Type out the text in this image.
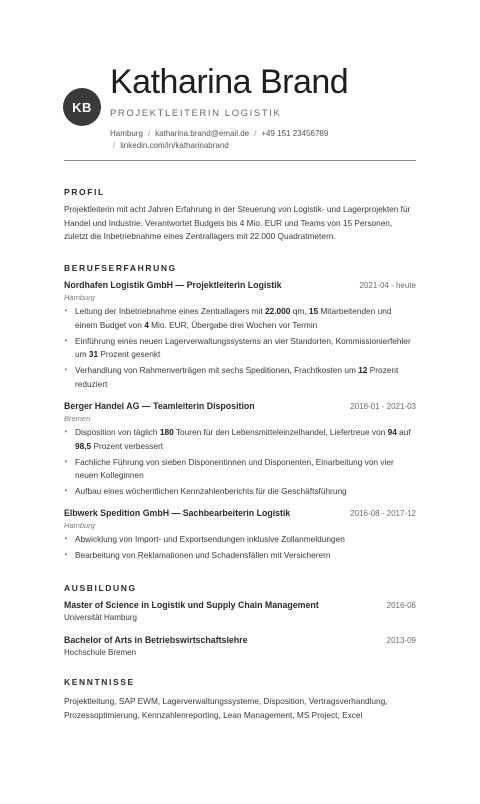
KB
Katharina Brand
PROJEKTLEITERIN LOGISTIK
Hamburg / katharina.brand@email.de / +49 151 23456789
/ linkedin.com/in/katharinabrand
PROFIL
Projektleiterin mit acht Jahren Erfahrung in der Steuerung von Logistik- und Lagerprojekten für Handel und Industrie. Verantwortet Budgets bis 4 Mio. EUR und Teams von 15 Personen, zuletzt die Inbetriebnahme eines Zentrallagers mit 22.000 Quadratmetern.
BERUFSERFAHRUNG
Nordhafen Logistik GmbH — Projektleiterin Logistik	2021-04 - heute
Hamburg
‣ Leitung der Inbetriebnahme eines Zentrallagers mit 22.000 qm, 15 Mitarbeitenden und einem Budget von 4 Mio. EUR, Übergabe drei Wochen vor Termin
‣ Einführung eines neuen Lagerverwaltungssystems an vier Standorten, Kommissionierfehler um 31 Prozent gesenkt
‣ Verhandlung von Rahmenverträgen mit sechs Speditionen, Frachtkosten um 12 Prozent reduziert
Berger Handel AG — Teamleiterin Disposition	2018-01 - 2021-03
Bremen
‣ Disposition von täglich 180 Touren für den Lebensmitteleinzelhandel, Liefertreue von 94 auf 98,5 Prozent verbessert
‣ Fachliche Führung von sieben Disponentinnen und Disponenten, Einarbeitung von vier neuen Kolleginnen
‣ Aufbau eines wöchentlichen Kennzahlenberichts für die Geschäftsführung
Elbwerk Spedition GmbH — Sachbearbeiterin Logistik	2016-08 - 2017-12
Hamburg
‣ Abwicklung von Import- und Exportsendungen inklusive Zollanmeldungen
‣ Bearbeitung von Reklamationen und Schadensfällen mit Versicherern
AUSBILDUNG
Master of Science in Logistik und Supply Chain Management	2016-06
Universität Hamburg
Bachelor of Arts in Betriebswirtschaftslehre	2013-09
Hochschule Bremen
KENNTNISSE
Projektleitung, SAP EWM, Lagerverwaltungssysteme, Disposition, Vertragsverhandlung, Prozessoptimierung, Kennzahlenreporting, Lean Management, MS Project, Excel
